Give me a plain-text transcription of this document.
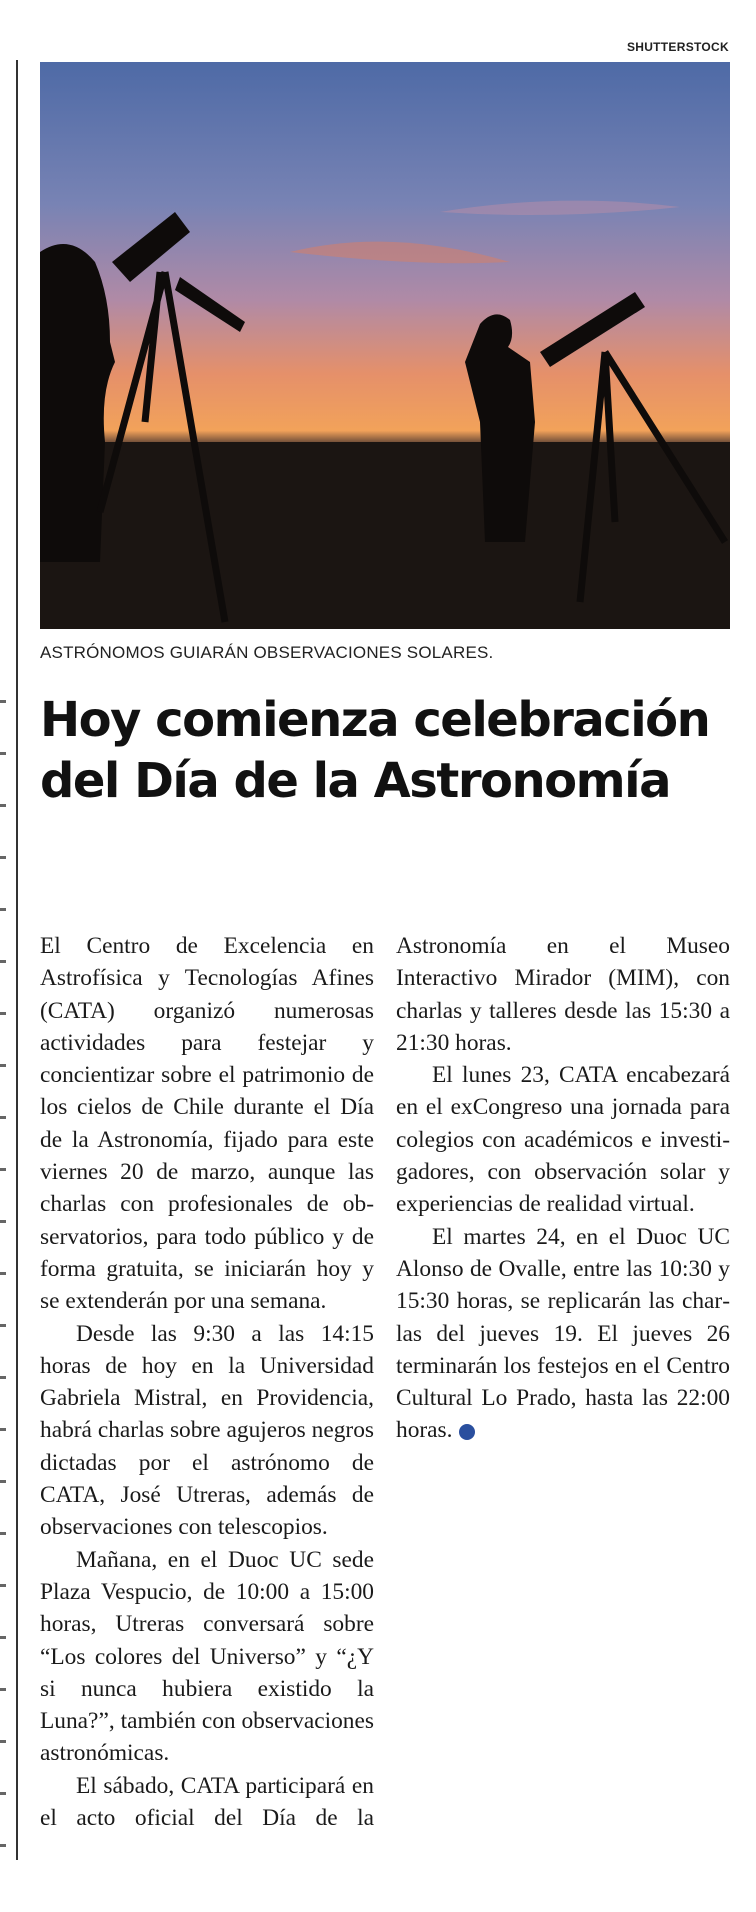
SHUTTERSTOCK
ASTRÓNOMOS GUIARÁN OBSERVACIONES SOLARES.
Hoy comienza celebración del Día de la Astronomía

El Centro de Excelencia en Astrofísica y Tecnologías Afines (CATA) organizó numerosas actividades para festejar y concientizar sobre el patrimonio de los cielos de Chile durante el Día de la Astronomía, fijado para este viernes 20 de marzo, aunque las charlas con profesionales de observatorios, para todo público y de forma gratuita, se iniciarán hoy y se extenderán por una semana.

Desde las 9:30 a las 14:15 horas de hoy en la Universidad Gabriela Mistral, en Providencia, habrá charlas sobre agujeros negros dictadas por el astrónomo de CATA, José Utreras, además de observaciones con telescopios.

Mañana, en el Duoc UC sede Plaza Vespucio, de 10:00 a 15:00 horas, Utreras conversará sobre “Los colores del Universo” y “¿Y si nunca hubiera existido la Luna?”, también con observaciones astronómicas.

El sábado, CATA participará en el acto oficial del Día de la Astronomía en el Museo Interactivo Mirador (MIM), con charlas y talleres desde las 15:30 a 21:30 horas.

El lunes 23, CATA encabezará en el exCongreso una jornada para colegios con académicos e investigadores, con observación solar y experiencias de realidad virtual.

El martes 24, en el Duoc UC Alonso de Ovalle, entre las 10:30 y 15:30 horas, se replicarán las charlas del jueves 19. El jueves 26 terminarán los festejos en el Centro Cultural Lo Prado, hasta las 22:00 horas.	✪
